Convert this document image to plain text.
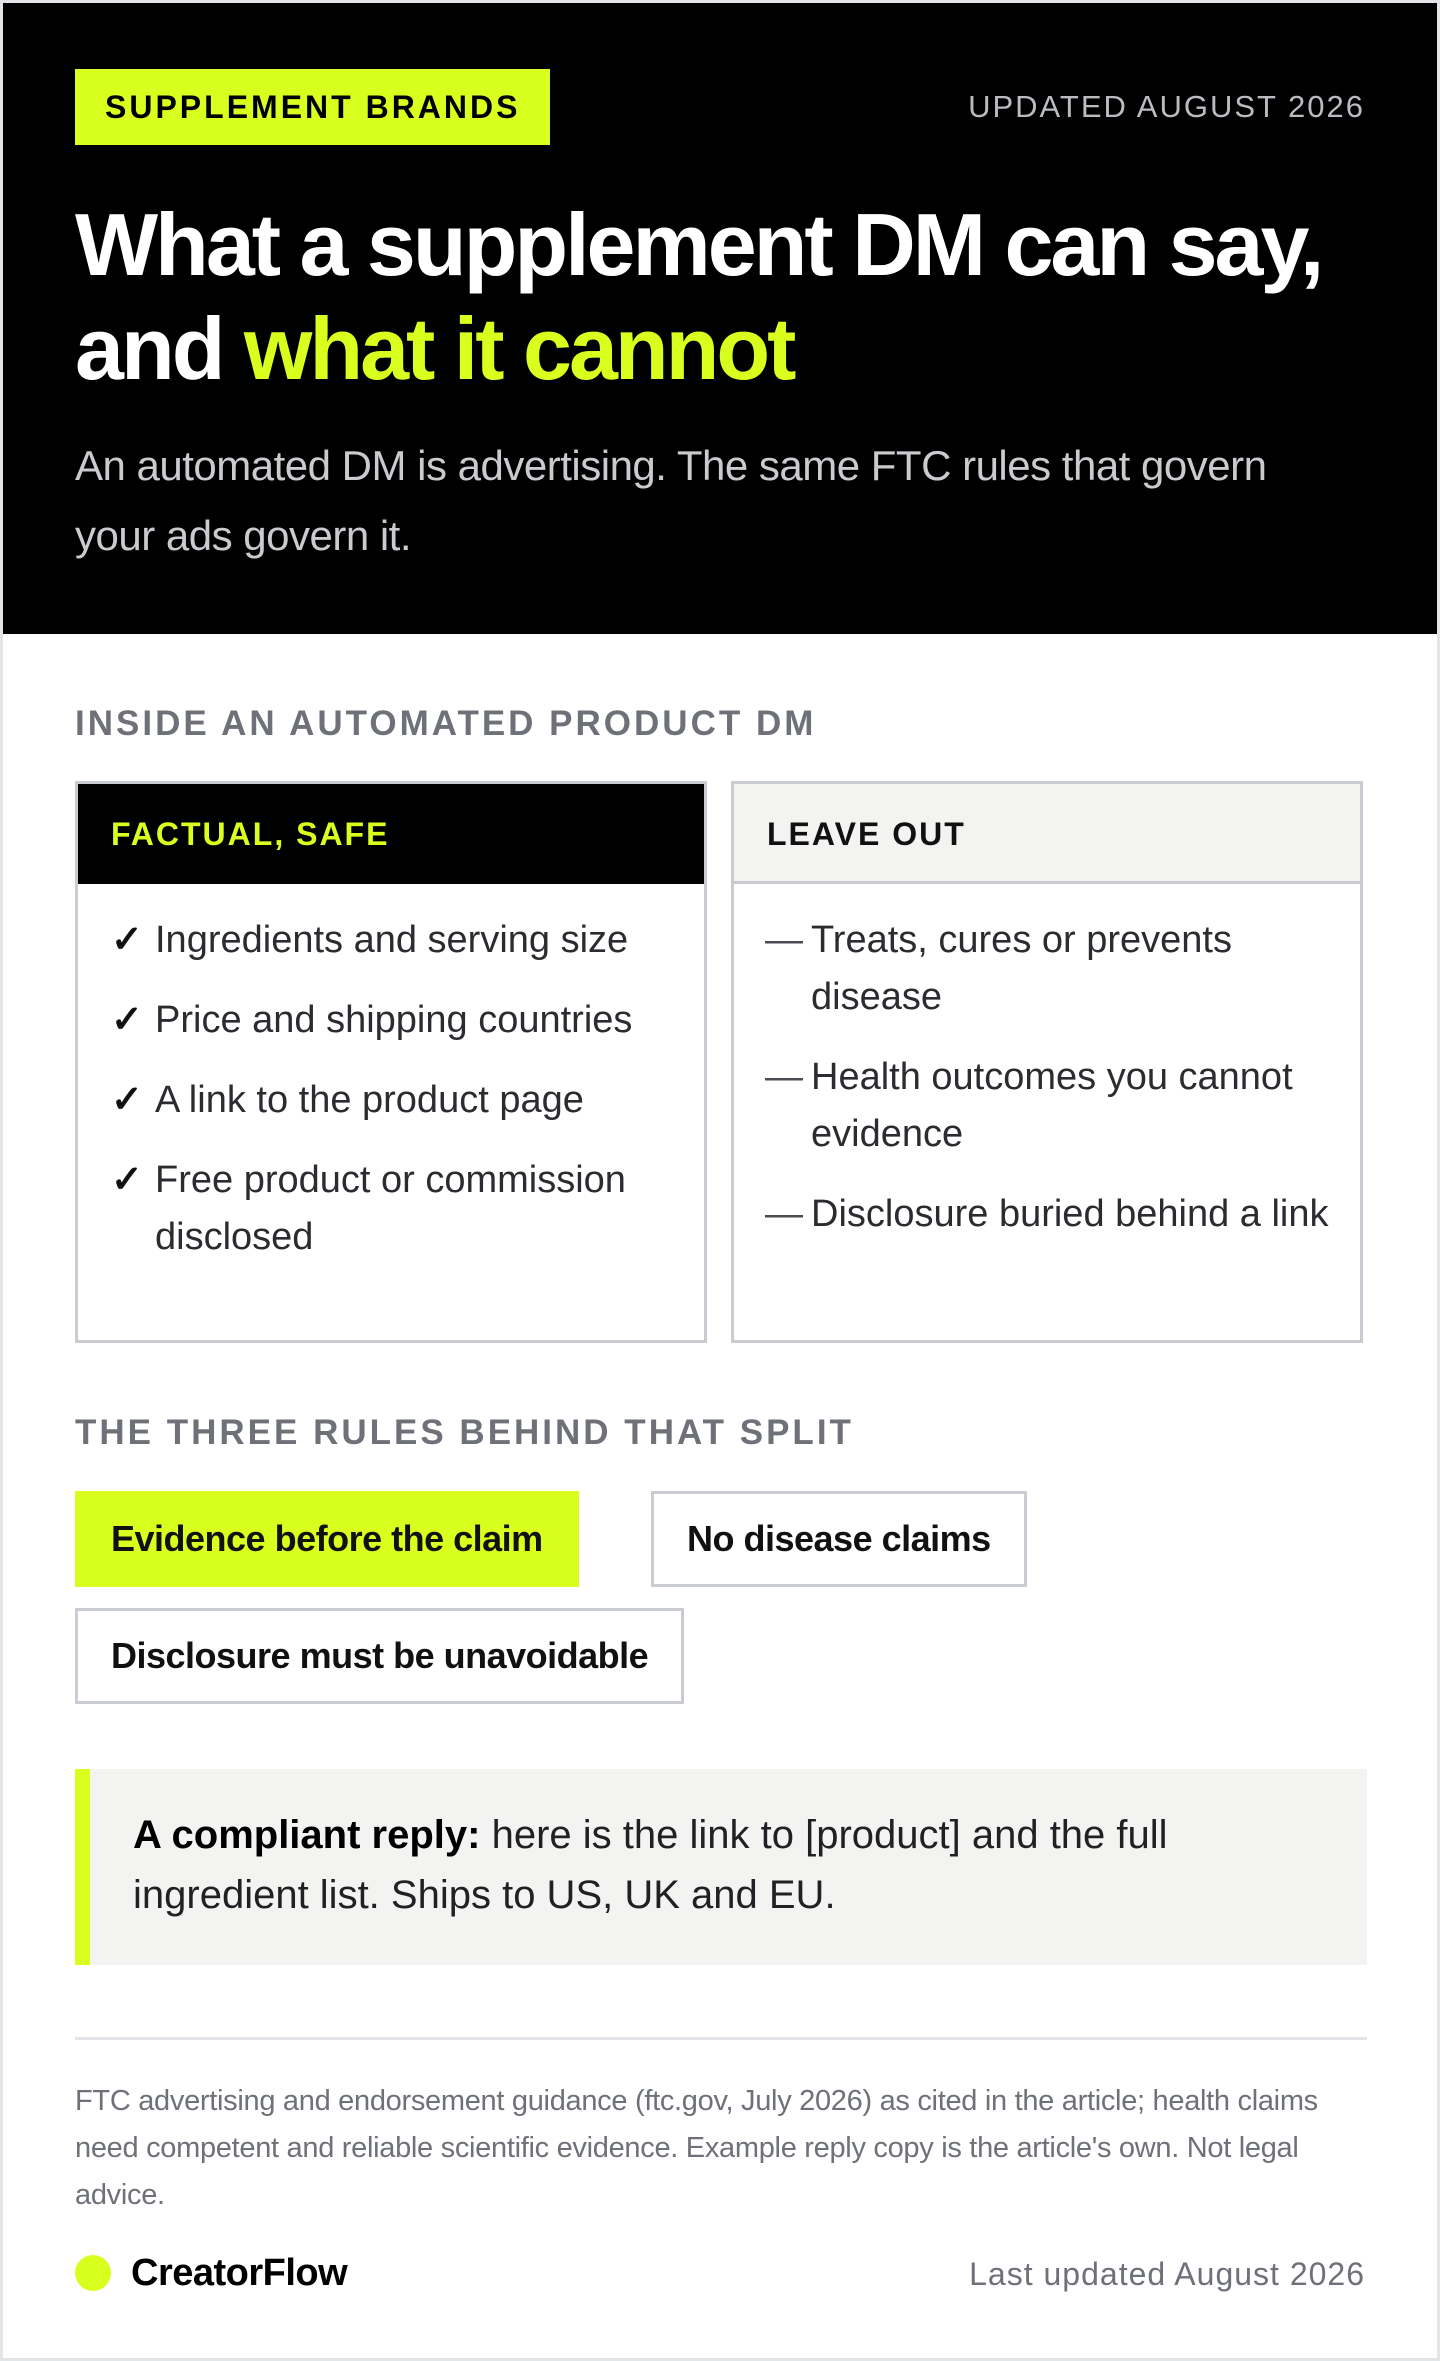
SUPPLEMENT BRANDS	UPDATED AUGUST 2026
What a supplement DM can say,
and what it cannot

An automated DM is advertising. The same FTC rules that govern your ads govern it.

INSIDE AN AUTOMATED PRODUCT DM
FACTUAL, SAFE
✓ Ingredients and serving size
✓ Price and shipping countries
✓ A link to the product page
✓ Free product or commission disclosed
LEAVE OUT
— Treats, cures or prevents disease
— Health outcomes you cannot evidence
— Disclosure buried behind a link
THE THREE RULES BEHIND THAT SPLIT
Evidence before the claim	No disease claims
Disclosure must be unavoidable
A compliant reply: here is the link to [product] and the full ingredient list. Ships to US, UK and EU.

FTC advertising and endorsement guidance (ftc.gov, July 2026) as cited in the article; health claims need competent and reliable scientific evidence. Example reply copy is the article's own. Not legal advice.

CreatorFlow	Last updated August 2026
